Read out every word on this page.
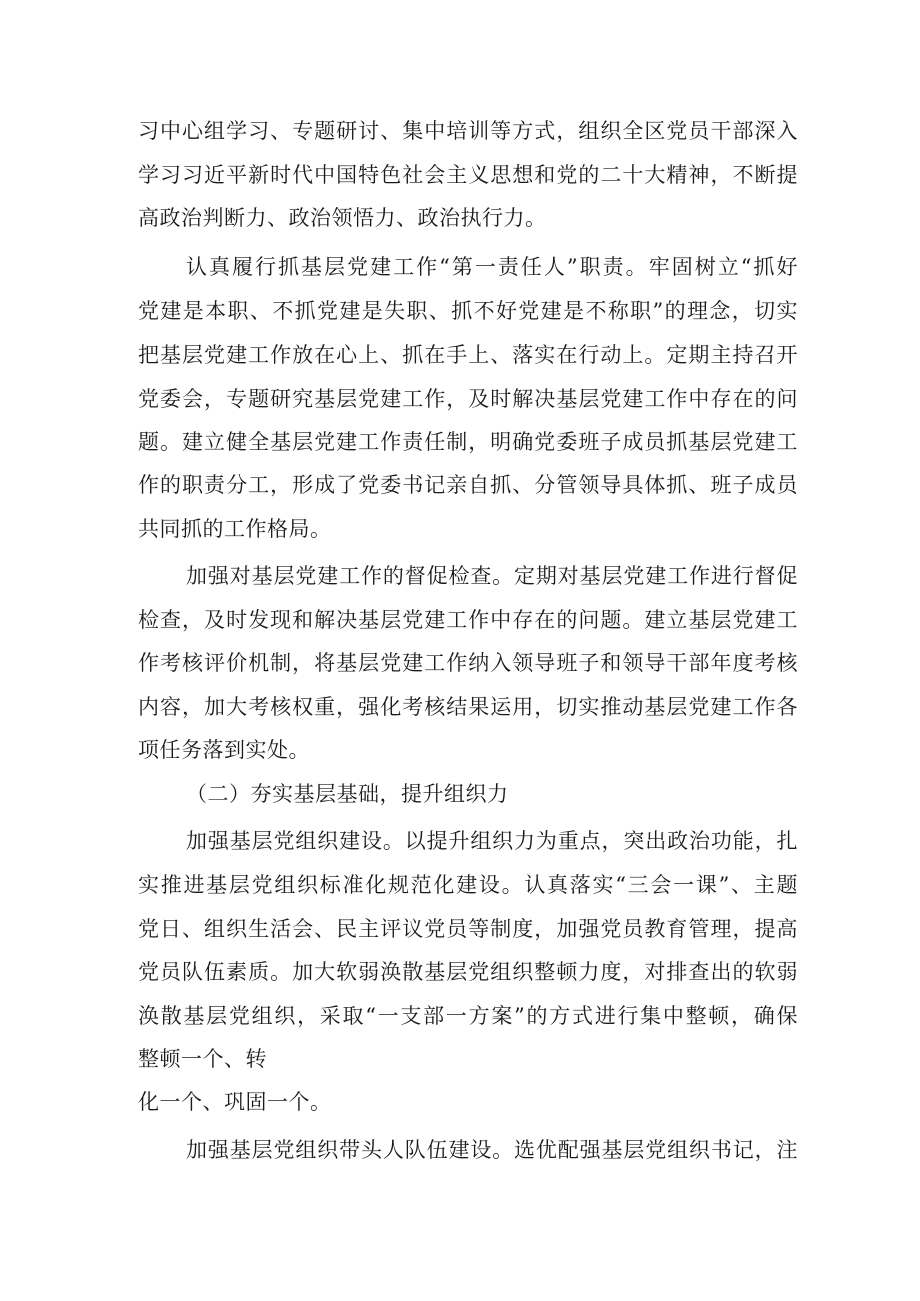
习中心组学习、专题研讨、集中培训等方式，组织全区党员干部深入
学习习近平新时代中国特色社会主义思想和党的二十大精神，不断提
高政治判断力、政治领悟力、政治执行力。
认真履行抓基层党建工作“第一责任人”职责。牢固树立“抓好
党建是本职、不抓党建是失职、抓不好党建是不称职”的理念，切实
把基层党建工作放在心上、抓在手上、落实在行动上。定期主持召开
党委会，专题研究基层党建工作，及时解决基层党建工作中存在的问
题。建立健全基层党建工作责任制，明确党委班子成员抓基层党建工
作的职责分工，形成了党委书记亲自抓、分管领导具体抓、班子成员
共同抓的工作格局。
加强对基层党建工作的督促检查。定期对基层党建工作进行督促
检查，及时发现和解决基层党建工作中存在的问题。建立基层党建工
作考核评价机制，将基层党建工作纳入领导班子和领导干部年度考核
内容，加大考核权重，强化考核结果运用，切实推动基层党建工作各
项任务落到实处。
（二）夯实基层基础，提升组织力
加强基层党组织建设。以提升组织力为重点，突出政治功能，扎
实推进基层党组织标准化规范化建设。认真落实“三会一课”、主题
党日、组织生活会、民主评议党员等制度，加强党员教育管理，提高
党员队伍素质。加大软弱涣散基层党组织整顿力度，对排查出的软弱
涣散基层党组织，采取“一支部一方案”的方式进行集中整顿，确保
整顿一个、转
化一个、巩固一个。
加强基层党组织带头人队伍建设。选优配强基层党组织书记，注
